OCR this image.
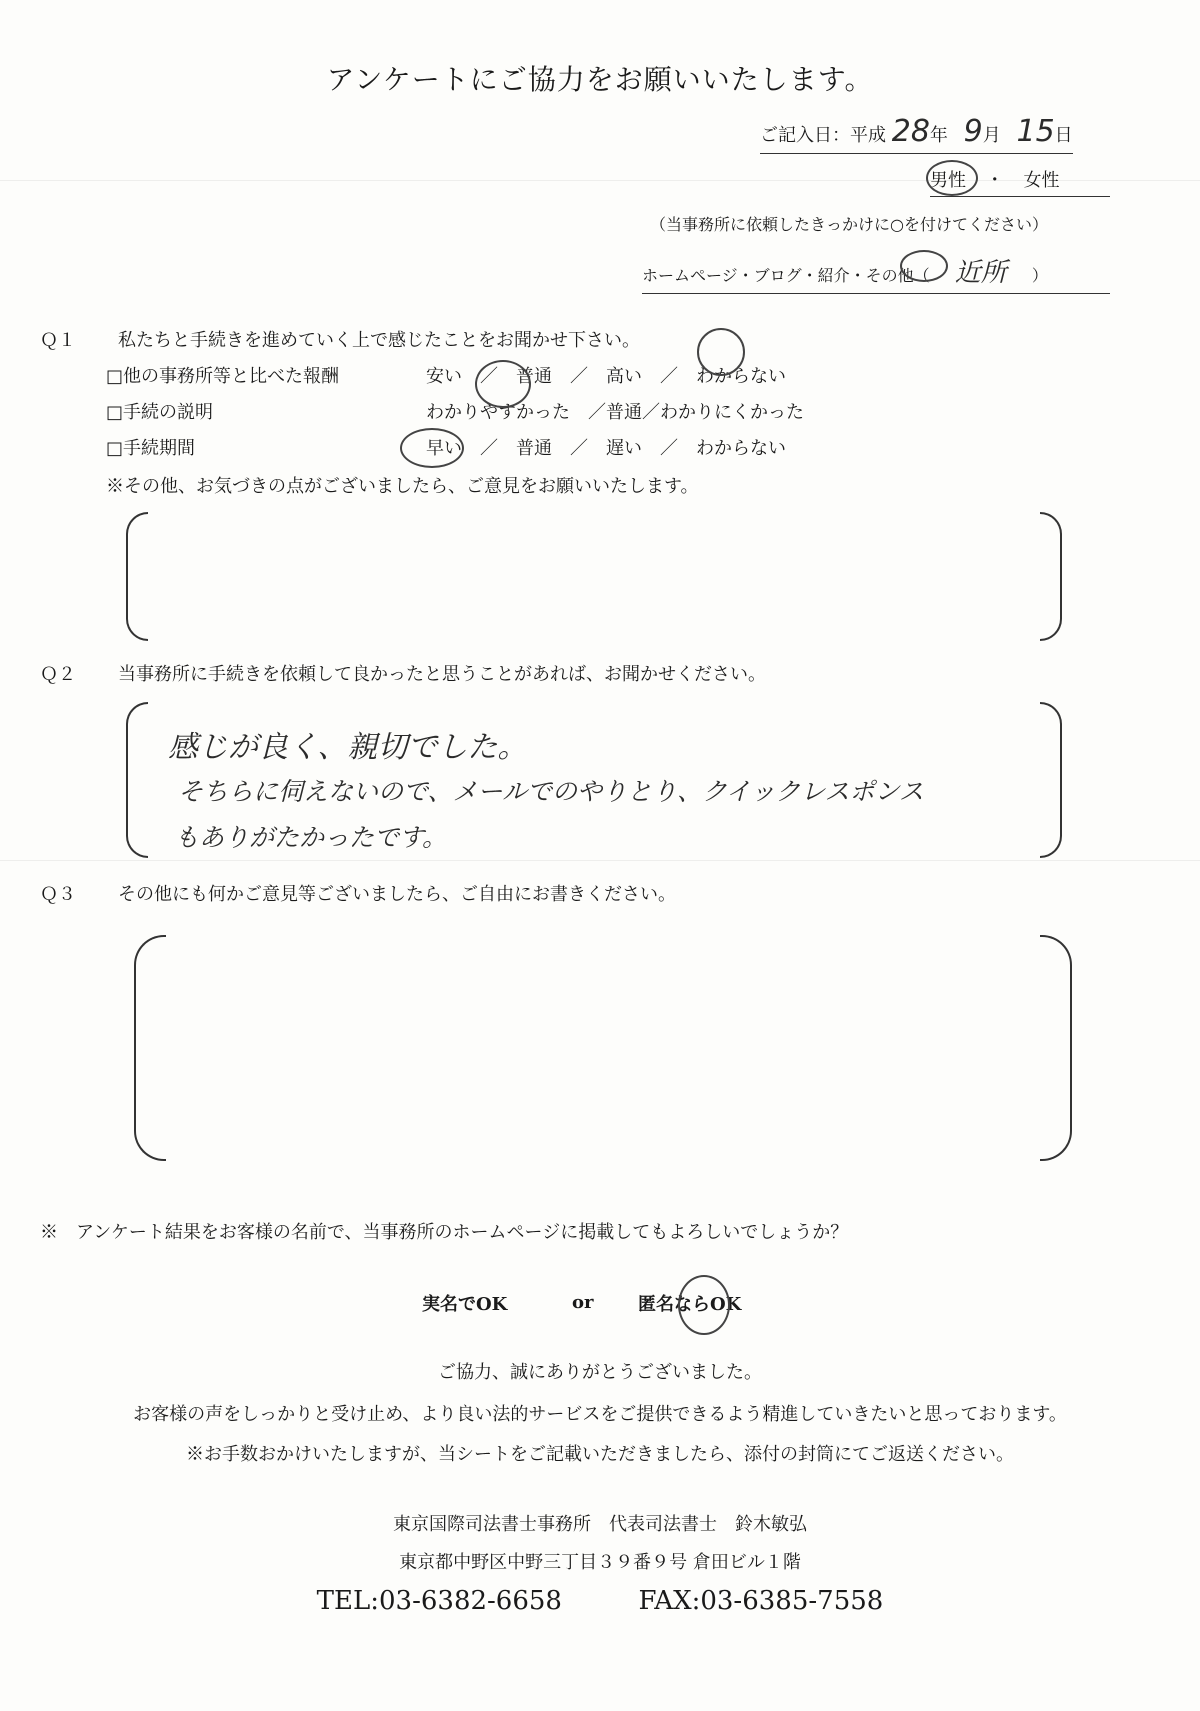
アンケートにご協力をお願いいたします。
ご記入日：平成 28年 9月 15日
男性 ・ 女性
（当事務所に依頼したきっかけに○を付けてください）
ホームページ・ブログ・紹介・その他（ 近所 ）
Ｑ１	私たちと手続きを進めていく上で感じたことをお聞かせ下さい。
□他の事務所等と比べた報酬	安い　／　普通　／　高い　／　わからない
□手続の説明	わかりやすかった　／普通／わかりにくかった
□手続期間	早い　／　普通　／　遅い　／　わからない
※その他、お気づきの点がございましたら、ご意見をお願いいたします。
Ｑ２	当事務所に手続きを依頼して良かったと思うことがあれば、お聞かせください。
感じが良く、親切でした。
そちらに伺えないので、メールでのやりとり、クイックレスポンス
もありがたかったです。
Ｑ３	その他にも何かご意見等ございましたら、ご自由にお書きください。
※　アンケート結果をお客様の名前で、当事務所のホームページに掲載してもよろしいでしょうか？
実名でOK	or 匿名ならOK
ご協力、誠にありがとうございました。
お客様の声をしっかりと受け止め、より良い法的サービスをご提供できるよう精進していきたいと思っております。
※お手数おかけいたしますが、当シートをご記載いただきましたら、添付の封筒にてご返送ください。
東京国際司法書士事務所　代表司法書士　鈴木敏弘
東京都中野区中野三丁目３９番９号 倉田ビル１階
TEL:03-6382-6658	FAX:03-6385-7558
